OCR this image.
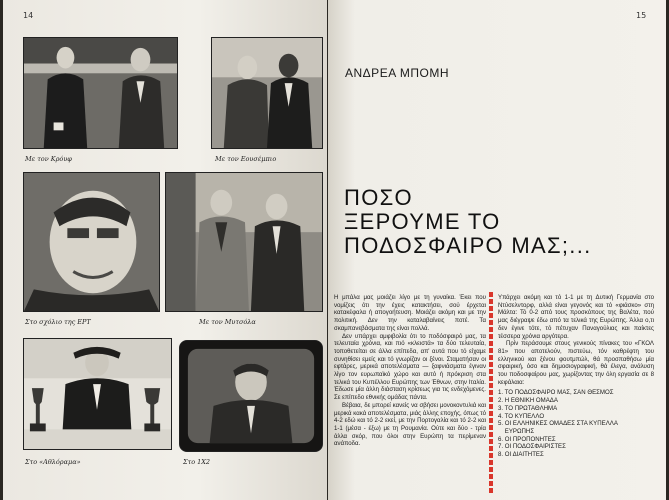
14
Με τον Κρόυφ	Με τον Εουσέμπιο
Στο σχόλιο της ΕΡΤ	Με τον Μυτσόλα
Στο «Αθλόραμα»	Στο 1Χ2
15
ΑΝΔΡΕΑ ΜΠΟΜΗ
ΠΟΣΟ
ΞΕΡΟΥΜΕ ΤΟ
ΠΟΔΟΣΦΑΙΡΟ ΜΑΣ;...

Η μπάλα μας μοιάζει λίγο με τη γυναίκα. Έκει που νομίζεις ότι την έχεις κατακτήσει, σού έρχεται κατακέφαλα ή απογοήτευση. Μοιάζει ακόμη και με την πολιτική. Δεν την καταλαβαίνεις ποτέ. Τα σκαμπανεβάσματα της είναι πολλά.

Δεν υπάρχει αμφιβολία ότι το ποδόσφαιρό μας, τα τελευταία χρόνια, και πιό «κλειστά» τα δύο τελευταία, τοποθετείται σε άλλα επίπεδα, απ' αυτά που τό είχαμε συνηθίσει εμείς και τό γνωρίζαν οι ξένοι. Σταματήσαν οι εφτάρες, μερικά αποτελέσματα — ξαφνιάσματα έγιναν λίγο τον ευρωπαϊκό χώρο και αυτό ή πρόκριση στα τελικά του Κυπέλλου Ευρώπης των Έθνων, στην Ιταλία. Έδωσε μία άλλη διάσταση κρίσεως για τις ενδεχόμενες. Σε επίπεδο εθνικής ομάδας πάντα.

Βέβαια, δε μπορεί κανείς να σβήσει μονοκοντυλιά και μερικά κακά αποτελέσματα, μιάς άλλης εποχής, όπως τό 4-2 εδώ και τό 2-2 εκεί, με την Πορτογαλία και τό 2-2 και 1-1 (μέσα - έξω) με τη Ρουμανία. Ούτε και δύο - τρία άλλα σκόρ, που όλοι στην Ευρώπη τα περίμεναν ανάποδα.

Υπάρχει ακόμη και τό 1-1 με τη Δυτική Γερμανία στο Ντύσελντορφ, αλλά είναι γεγονός και τό «φιάσκο» στη Μάλτα: Τό 0-2 από τους προσκόπους της Βαλέτα, πού μας διέγραψε έδω από τα τελικά της Ευρώπης. Άλλα ο,τι δεν έγινε τότε, τό πέτυχαν Παναγούλιας και παίκτες τέσσερα χρόνια αργότερα.

Πρίν περάσουμε στους γενικούς πίνακες του «ΓΚΟΛ 81» που αποτελούν, πιστεύω, τόν καθρέφτη του ελληνικού και ξένου φουτμπώλ, θά προσπαθήσω μία σφαιρική, όσο και δημοσιογραφική, θά έλεγα, ανάλυση του ποδοσφαίρου μας, χωρίζοντας την όλη εργασία σε 8 κεφάλαια:

1. ΤΟ ΠΟΔΟΣΦΑΙΡΟ ΜΑΣ, ΣΑΝ ΘΕΣΜΟΣ
2. Η ΕΘΝΙΚΗ ΟΜΑΔΑ
3. ΤΟ ΠΡΩΤΑΘΛΗΜΑ
4. ΤΟ ΚΥΠΕΛΛΟ
5. ΟΙ ΕΛΛΗΝΙΚΕΣ ΟΜΑΔΕΣ ΣΤΑ ΚΥΠΕΛΛΑ
ΕΥΡΩΠΗΣ
6. ΟΙ ΠΡΟΠΟΝΗΤΕΣ
7. ΟΙ ΠΟΔΟΣΦΑΙΡΙΣΤΕΣ
8. ΟΙ ΔΙΑΙΤΗΤΕΣ
